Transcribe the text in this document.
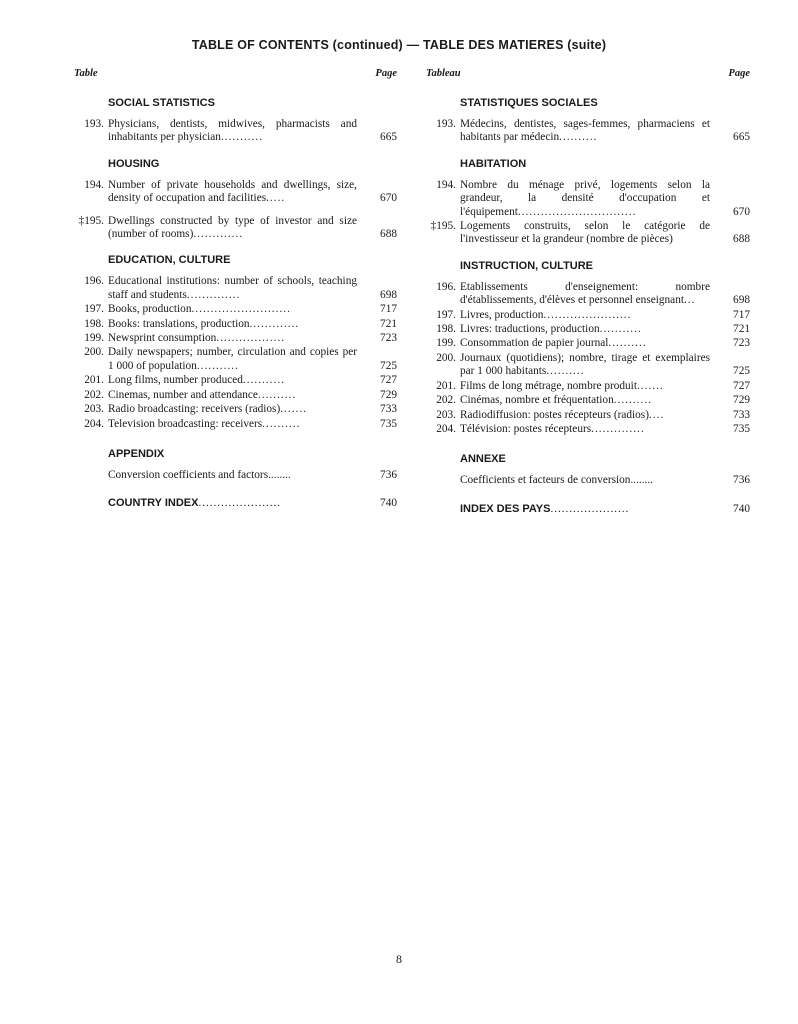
TABLE OF CONTENTS (continued) — TABLE DES MATIERES (suite)
Table	Page
SOCIAL STATISTICS
193. Physicians, dentists, midwives, pharmacists and inhabitants per physician...........	665
HOUSING
194. Number of private households and dwellings, size, density of occupation and facilities.....	670
‡195. Dwellings constructed by type of investor and size (number of rooms).............	688
EDUCATION, CULTURE
196. Educational institutions: number of schools, teaching staff and students..............	698
197. Books, production..........................	717
198. Books: translations, production.............	721
199. Newsprint consumption..................	723
200. Daily newspapers; number, circulation and copies per 1 000 of population...........	725
201. Long films, number produced...........	727
202. Cinemas, number and attendance..........	729
203. Radio broadcasting: receivers (radios).......	733
204. Television broadcasting: receivers..........	735
APPENDIX
Conversion coefficients and factors........	736
COUNTRY INDEX......................	740
Tableau	Page
STATISTIQUES SOCIALES
193. Médecins, dentistes, sages-femmes, pharmaciens et habitants par médecin..........	665
HABITATION
194. Nombre du ménage privé, logements selon la grandeur, la densité d'occupation et l'équipement...............................	670
‡195. Logements construits, selon le catégorie de l'investisseur et la grandeur (nombre de pièces)	688
INSTRUCTION, CULTURE
196. Etablissements d'enseignement: nombre d'établissements, d'élèves et personnel enseignant...	698
197. Livres, production.......................	717
198. Livres: traductions, production...........	721
199. Consommation de papier journal..........	723
200. Journaux (quotidiens); nombre, tirage et exemplaires par 1 000 habitants..........	725
201. Films de long métrage, nombre produit.......	727
202. Cinémas, nombre et fréquentation..........	729
203. Radiodiffusion: postes récepteurs (radios)....	733
204. Télévision: postes récepteurs..............	735
ANNEXE
Coefficients et facteurs de conversion........	736
INDEX DES PAYS.....................	740
8
